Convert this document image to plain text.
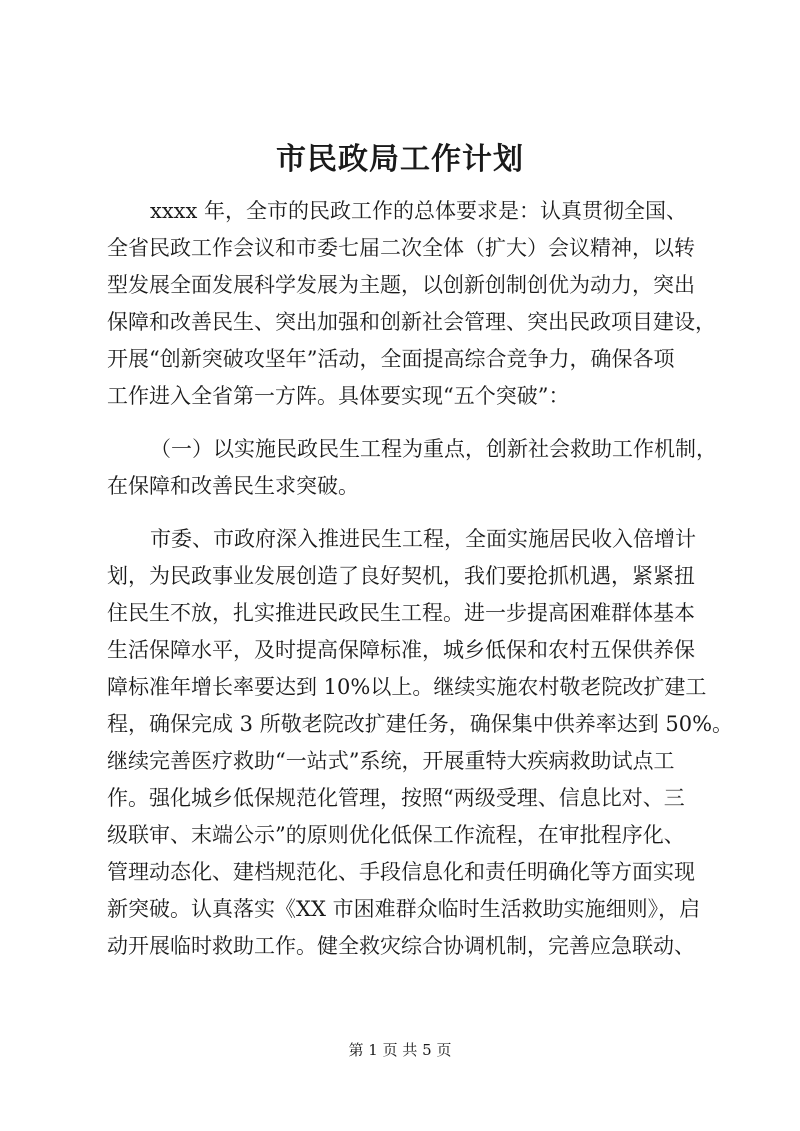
市民政局工作计划
xxxx 年，全市的民政工作的总体要求是：认真贯彻全国、
全省民政工作会议和市委七届二次全体（扩大）会议精神，以转
型发展全面发展科学发展为主题，以创新创制创优为动力，突出
保障和改善民生、突出加强和创新社会管理、突出民政项目建设，
开展“创新突破攻坚年”活动，全面提高综合竞争力，确保各项
工作进入全省第一方阵。具体要实现“五个突破”：
（一）以实施民政民生工程为重点，创新社会救助工作机制，
在保障和改善民生求突破。
市委、市政府深入推进民生工程，全面实施居民收入倍增计
划，为民政事业发展创造了良好契机，我们要抢抓机遇，紧紧扭
住民生不放，扎实推进民政民生工程。进一步提高困难群体基本
生活保障水平，及时提高保障标准，城乡低保和农村五保供养保
障标准年增长率要达到 10%以上。继续实施农村敬老院改扩建工
程，确保完成 3 所敬老院改扩建任务，确保集中供养率达到 50%。
继续完善医疗救助“一站式”系统，开展重特大疾病救助试点工
作。强化城乡低保规范化管理，按照“两级受理、信息比对、三
级联审、末端公示”的原则优化低保工作流程，在审批程序化、
管理动态化、建档规范化、手段信息化和责任明确化等方面实现
新突破。认真落实《XX 市困难群众临时生活救助实施细则》，启
动开展临时救助工作。健全救灾综合协调机制，完善应急联动、
第 1 页 共 5 页
